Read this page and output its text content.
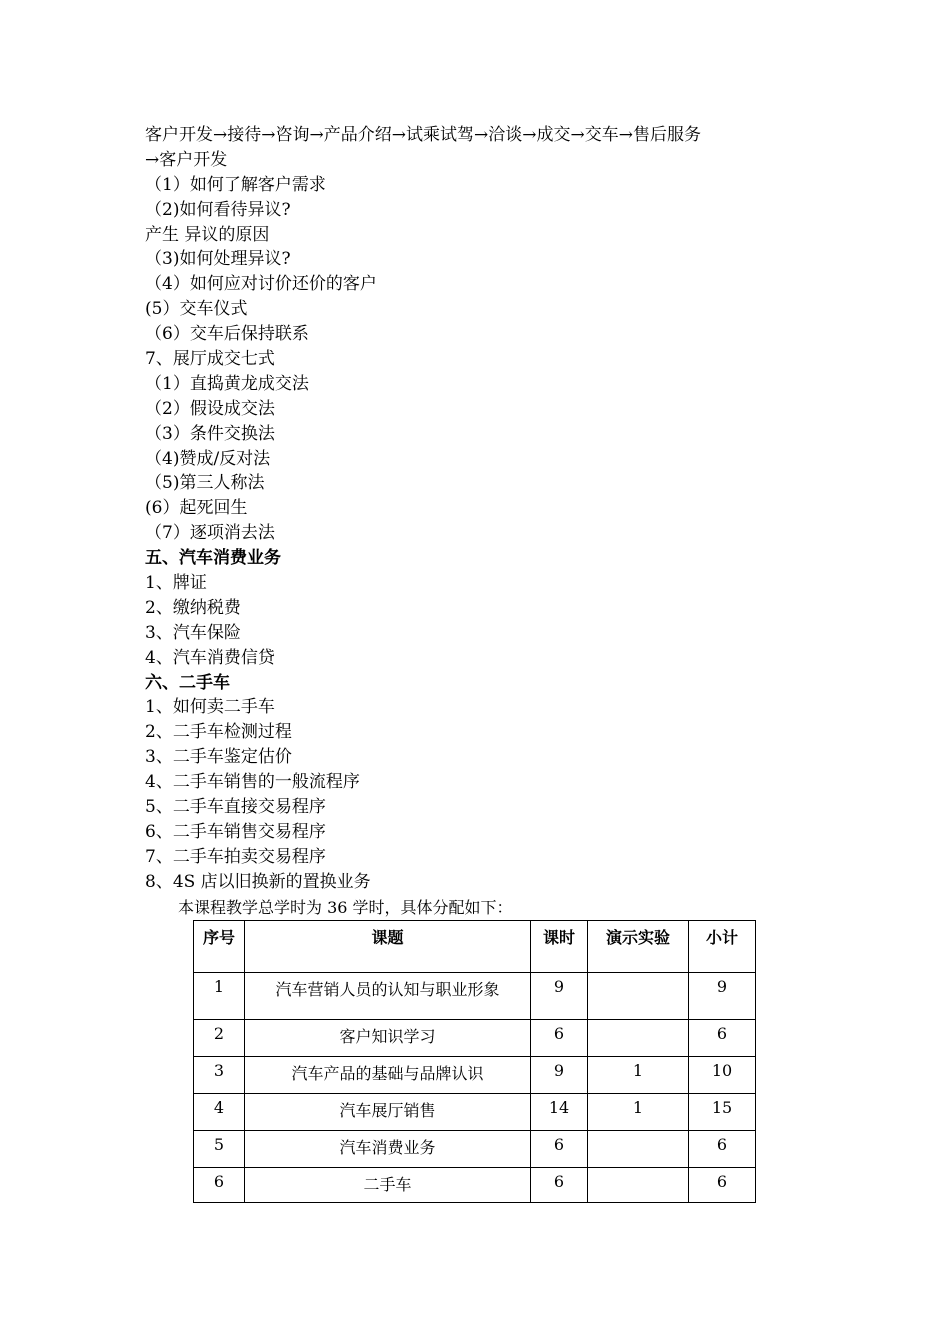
客户开发→接待→咨询→产品介绍→试乘试驾→洽谈→成交→交车→售后服务
→客户开发
（1）如何了解客户需求
（2)如何看待异议?
产生 异议的原因
（3)如何处理异议?
（4）如何应对讨价还价的客户
(5）交车仪式
（6）交车后保持联系
7、展厅成交七式
（1）直捣黄龙成交法
（2）假设成交法
（3）条件交换法
（4)赞成/反对法
（5)第三人称法
(6）起死回生
（7）逐项消去法
五、汽车消费业务
1、牌证
2、缴纳税费
3、汽车保险
4、汽车消费信贷
六、二手车
1、如何卖二手车
2、二手车检测过程
3、二手车鉴定估价
4、二手车销售的一般流程序
5、二手车直接交易程序
6、二手车销售交易程序
7、二手车拍卖交易程序
8、4S 店以旧换新的置换业务
本课程教学总学时为 36 学时，具体分配如下：
序号	课题	课时	演示实验	小计
1	汽车营销人员的认知与职业形象	9		9
2	客户知识学习	6		6
3	汽车产品的基础与品牌认识	9	1	10
4	汽车展厅销售	14	1	15
5	汽车消费业务	6		6
6	二手车	6		6
